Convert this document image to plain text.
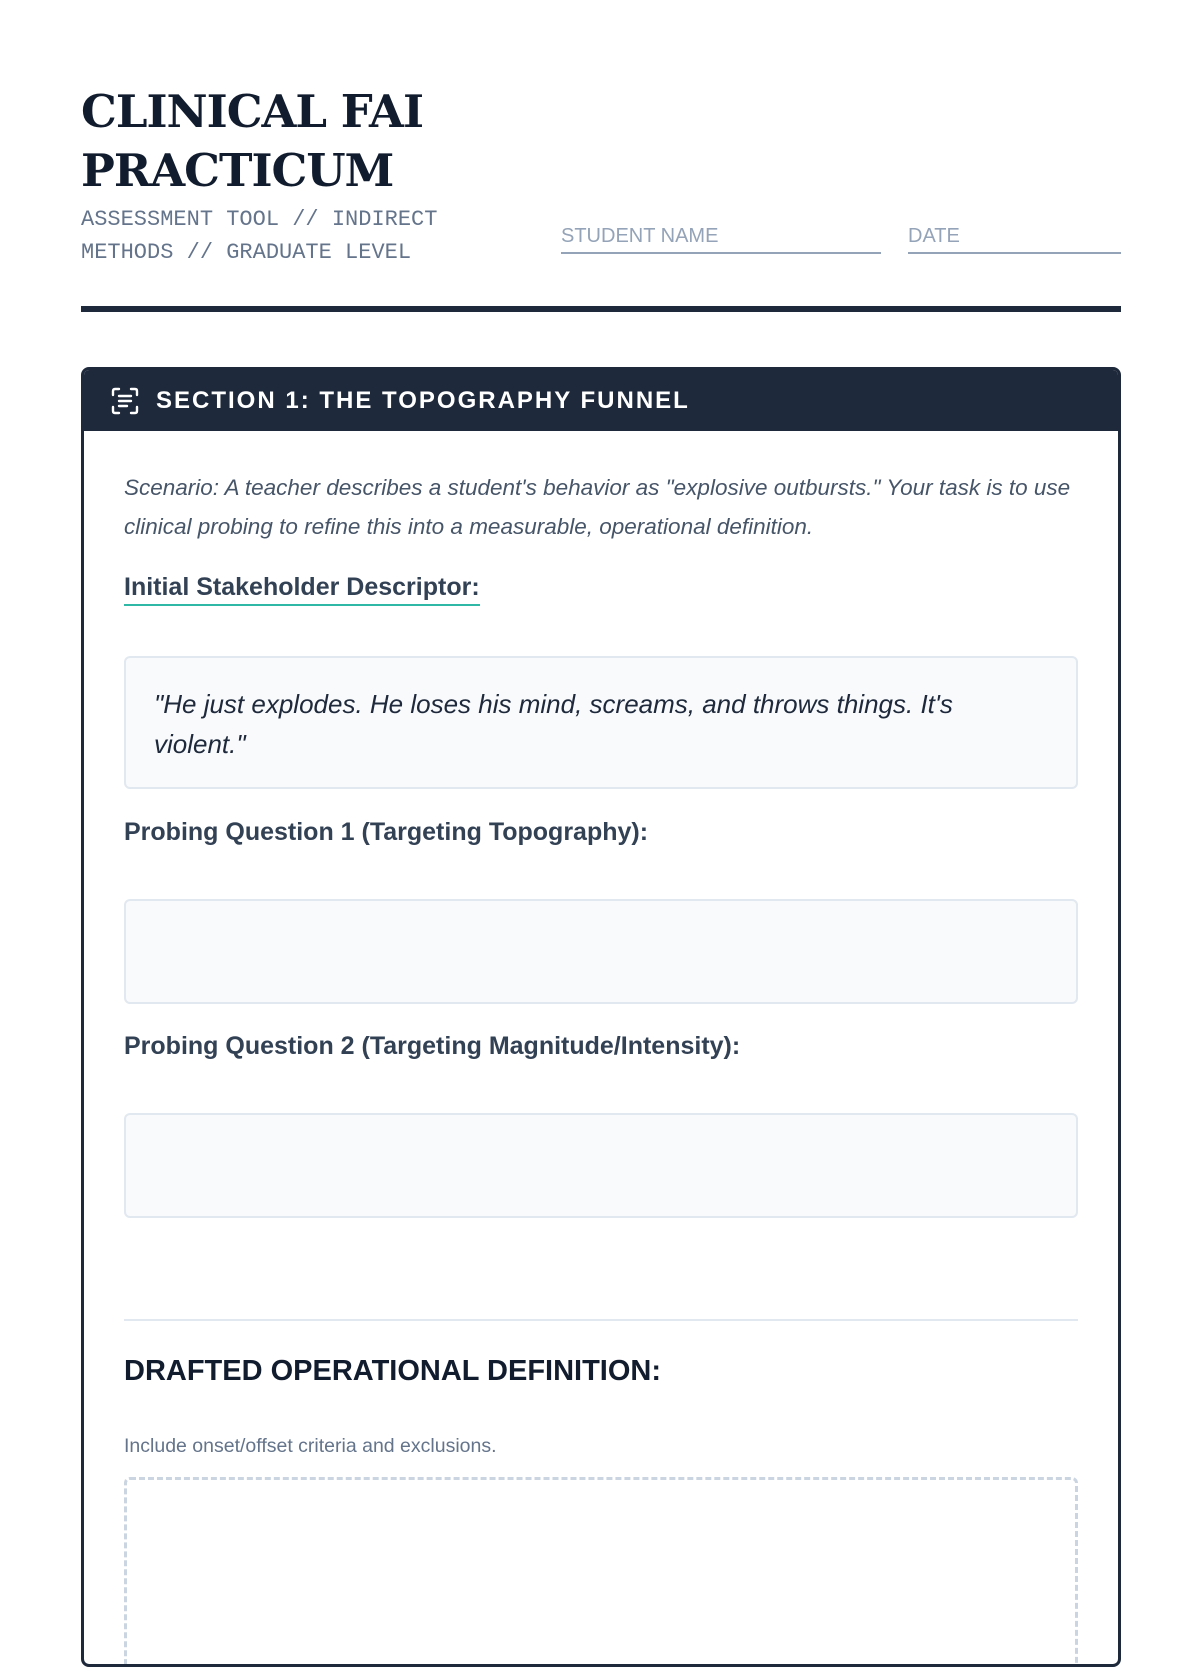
CLINICAL FAI
PRACTICUM
ASSESSMENT TOOL // INDIRECT
METHODS // GRADUATE LEVEL
STUDENT NAME
DATE
SECTION 1: THE TOPOGRAPHY FUNNEL

Scenario: A teacher describes a student's behavior as "explosive outbursts." Your task is to use clinical probing to refine this into a measurable, operational definition.

Initial Stakeholder Descriptor:

"He just explodes. He loses his mind, screams, and throws things. It's violent."

Probing Question 1 (Targeting Topography):

Probing Question 2 (Targeting Magnitude/Intensity):

DRAFTED OPERATIONAL DEFINITION:

Include onset/offset criteria and exclusions.
